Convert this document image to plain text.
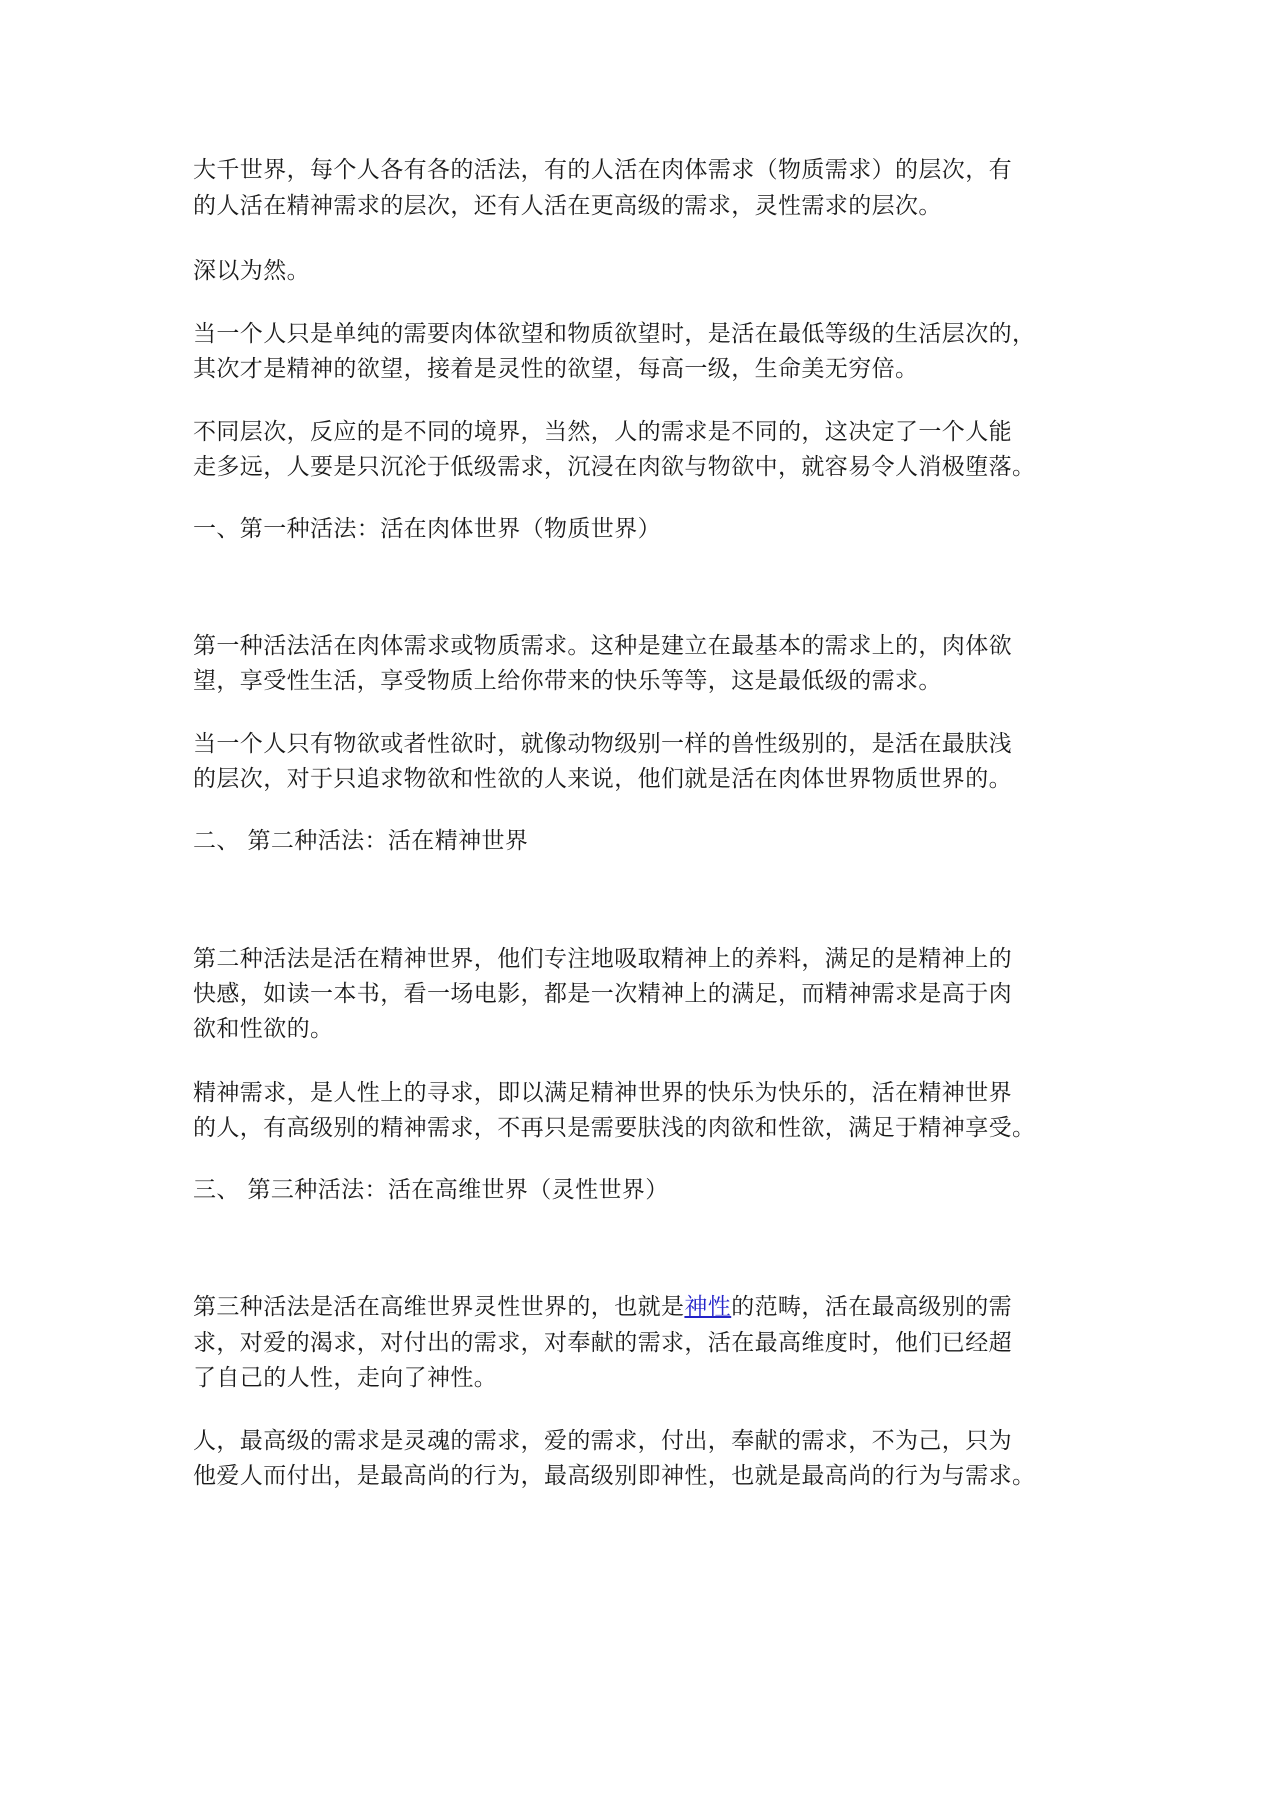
大千世界，每个人各有各的活法，有的人活在肉体需求（物质需求）的层次，有
的人活在精神需求的层次，还有人活在更高级的需求，灵性需求的层次。
深以为然。
当一个人只是单纯的需要肉体欲望和物质欲望时，是活在最低等级的生活层次的，
其次才是精神的欲望，接着是灵性的欲望，每高一级，生命美无穷倍。
不同层次，反应的是不同的境界，当然，人的需求是不同的，这决定了一个人能
走多远，人要是只沉沦于低级需求，沉浸在肉欲与物欲中，就容易令人消极堕落。
一、第一种活法：活在肉体世界（物质世界）
第一种活法活在肉体需求或物质需求。这种是建立在最基本的需求上的，肉体欲
望，享受性生活，享受物质上给你带来的快乐等等，这是最低级的需求。
当一个人只有物欲或者性欲时，就像动物级别一样的兽性级别的，是活在最肤浅
的层次，对于只追求物欲和性欲的人来说，他们就是活在肉体世界物质世界的。
二、 第二种活法：活在精神世界
第二种活法是活在精神世界，他们专注地吸取精神上的养料，满足的是精神上的
快感，如读一本书，看一场电影，都是一次精神上的满足，而精神需求是高于肉
欲和性欲的。
精神需求，是人性上的寻求，即以满足精神世界的快乐为快乐的，活在精神世界
的人，有高级别的精神需求，不再只是需要肤浅的肉欲和性欲，满足于精神享受。
三、 第三种活法：活在高维世界（灵性世界）
第三种活法是活在高维世界灵性世界的，也就是神性的范畴，活在最高级别的需
求，对爱的渴求，对付出的需求，对奉献的需求，活在最高维度时，他们已经超
了自己的人性，走向了神性。
人，最高级的需求是灵魂的需求，爱的需求，付出，奉献的需求，不为己，只为
他爱人而付出，是最高尚的行为，最高级别即神性，也就是最高尚的行为与需求。
